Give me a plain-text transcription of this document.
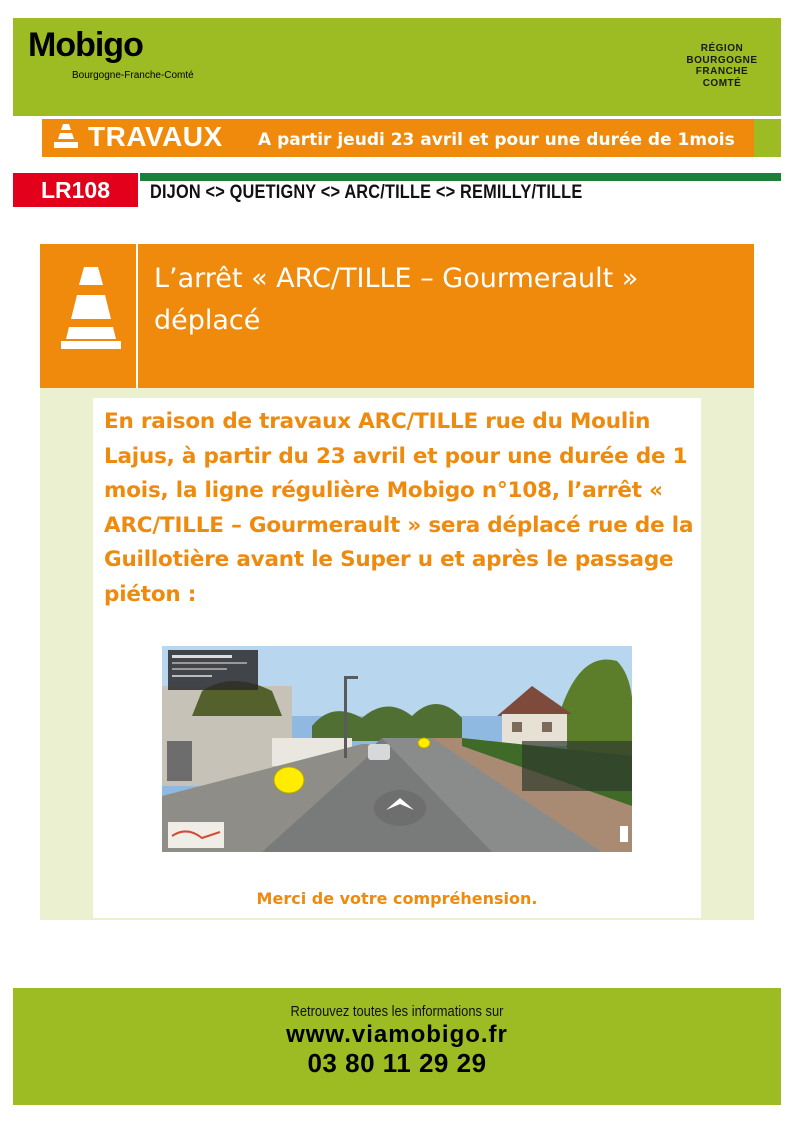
Mobigo
Bourgogne-Franche-Comté
RÉGION
BOURGOGNE
FRANCHE
COMTÉ
TRAVAUX A partir jeudi 23 avril et pour une durée de 1mois
LR108	DIJON <> QUETIGNY <> ARC/TILLE <> REMILLY/TILLE
L’arrêt « ARC/TILLE – Gourmerault » déplacé
En raison de travaux ARC/TILLE rue du Moulin Lajus, à partir du 23 avril et pour une durée de 1 mois, la ligne régulière Mobigo n°108, l’arrêt « ARC/TILLE – Gourmerault » sera déplacé rue de la Guillotière avant le Super u et après le passage piéton :
Merci de votre compréhension.
Retrouvez toutes les informations sur
www.viamobigo.fr
03 80 11 29 29
